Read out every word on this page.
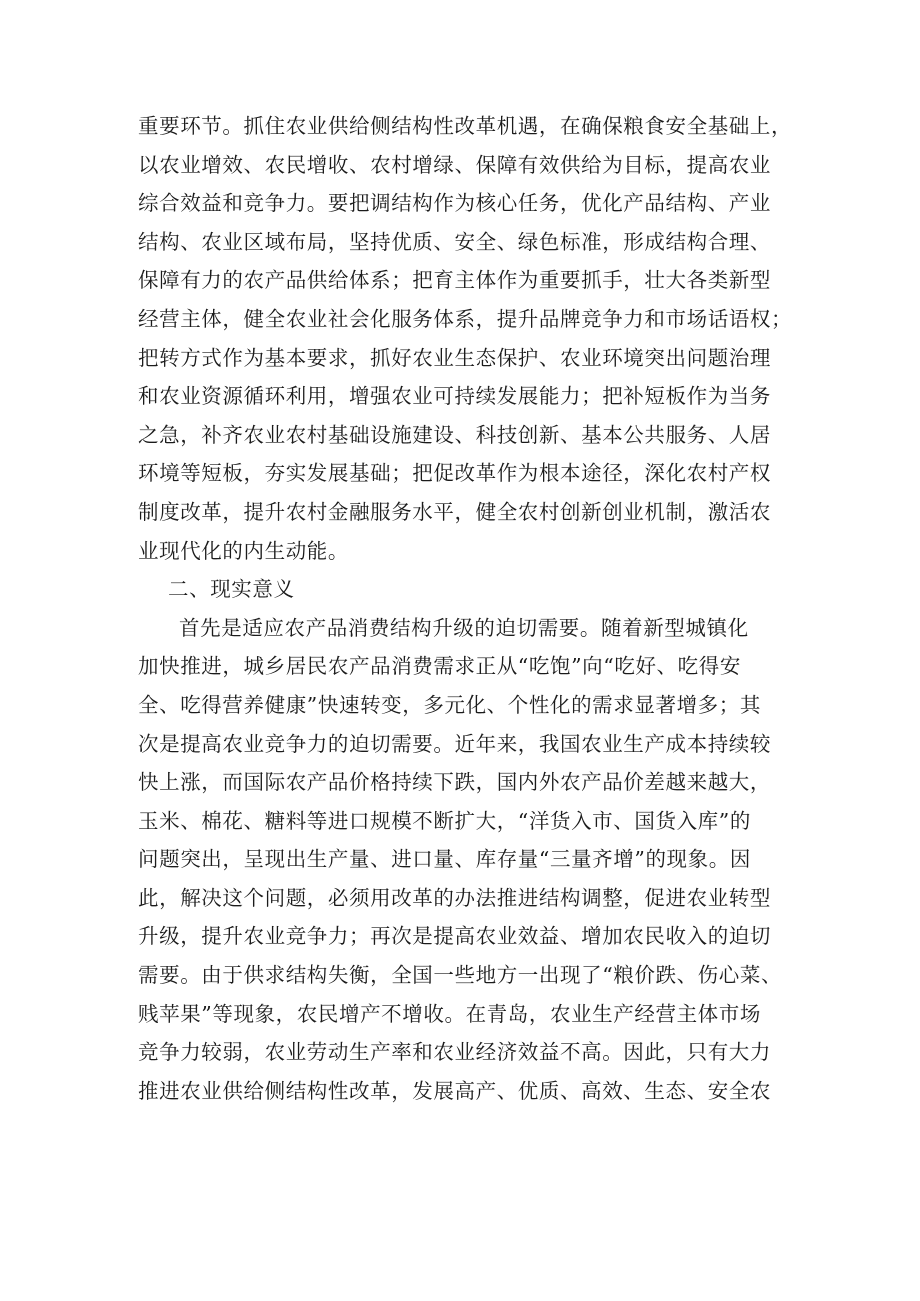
重要环节。抓住农业供给侧结构性改革机遇，在确保粮食安全基础上，
以农业增效、农民增收、农村增绿、保障有效供给为目标，提高农业
综合效益和竞争力。要把调结构作为核心任务，优化产品结构、产业
结构、农业区域布局，坚持优质、安全、绿色标准，形成结构合理、
保障有力的农产品供给体系；把育主体作为重要抓手，壮大各类新型
经营主体，健全农业社会化服务体系，提升品牌竞争力和市场话语权；
把转方式作为基本要求，抓好农业生态保护、农业环境突出问题治理
和农业资源循环利用，增强农业可持续发展能力；把补短板作为当务
之急，补齐农业农村基础设施建设、科技创新、基本公共服务、人居
环境等短板，夯实发展基础；把促改革作为根本途径，深化农村产权
制度改革，提升农村金融服务水平，健全农村创新创业机制，激活农
业现代化的内生动能。
二、现实意义
首先是适应农产品消费结构升级的迫切需要。随着新型城镇化
加快推进，城乡居民农产品消费需求正从“吃饱”向“吃好、吃得安
全、吃得营养健康”快速转变，多元化、个性化的需求显著增多；其
次是提高农业竞争力的迫切需要。近年来，我国农业生产成本持续较
快上涨，而国际农产品价格持续下跌，国内外农产品价差越来越大，
玉米、棉花、糖料等进口规模不断扩大，“洋货入市、国货入库”的
问题突出，呈现出生产量、进口量、库存量“三量齐增”的现象。因
此，解决这个问题，必须用改革的办法推进结构调整，促进农业转型
升级，提升农业竞争力；再次是提高农业效益、增加农民收入的迫切
需要。由于供求结构失衡，全国一些地方一出现了“粮价跌、伤心菜、
贱苹果”等现象，农民增产不增收。在青岛，农业生产经营主体市场
竞争力较弱，农业劳动生产率和农业经济效益不高。因此，只有大力
推进农业供给侧结构性改革，发展高产、优质、高效、生态、安全农
